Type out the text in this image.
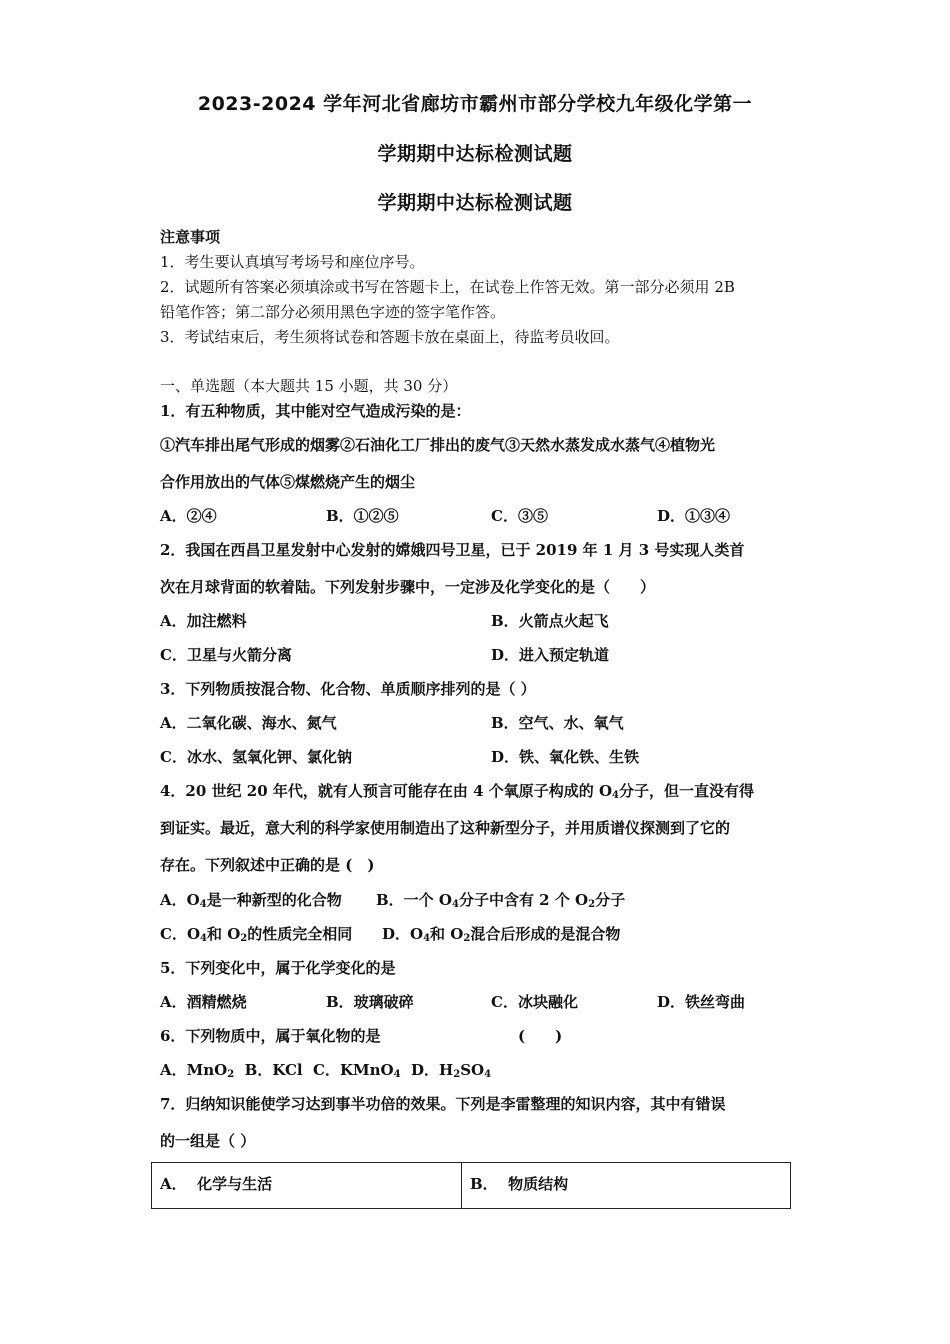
2023-2024 学年河北省廊坊市霸州市部分学校九年级化学第一
学期期中达标检测试题
学期期中达标检测试题
注意事项
1．考生要认真填写考场号和座位序号。
2．试题所有答案必须填涂或书写在答题卡上，在试卷上作答无效。第一部分必须用 2B
铅笔作答；第二部分必须用黑色字迹的签字笔作答。
3．考试结束后，考生须将试卷和答题卡放在桌面上，待监考员收回。
一、单选题（本大题共 15 小题，共 30 分）
1．有五种物质，其中能对空气造成污染的是：
①汽车排出尾气形成的烟雾②石油化工厂排出的废气③天然水蒸发成水蒸气④植物光
合作用放出的气体⑤煤燃烧产生的烟尘
A．②④	B．①②⑤	C．③⑤	D．①③④
2．我国在西昌卫星发射中心发射的嫦娥四号卫星，已于 2019 年 1 月 3 号实现人类首
次在月球背面的软着陆。下列发射步骤中，一定涉及化学变化的是（　　）
A．加注燃料	B．火箭点火起飞
C．卫星与火箭分离	D．进入预定轨道
3．下列物质按混合物、化合物、单质顺序排列的是（ ）
A．二氧化碳、海水、氮气	B．空气、水、氧气
C．冰水、氢氧化钾、氯化钠	D．铁、氧化铁、生铁
4．20 世纪 20 年代，就有人预言可能存在由 4 个氧原子构成的 $O_4$分子，但一直没有得
到证实。最近，意大利的科学家使用制造出了这种新型分子，并用质谱仪探测到了它的
存在。下列叙述中正确的是 (　)
A．$O_4$是一种新型的化合物 B．一个 $O_4$分子中含有 2 个 $O_2$分子
C．$O_4$和 $O_2$的性质完全相同 D．$O_4$和 $O_2$混合后形成的是混合物
5．下列变化中，属于化学变化的是
A．酒精燃烧	B．玻璃破碎	C．冰块融化	D．铁丝弯曲
6．下列物质中，属于氧化物的是	(　　)
A．MnO$_2$ B．KCl C．KMnO$_4$ D．$H_2SO_4$
7．归纳知识能使学习达到事半功倍的效果。下列是李雷整理的知识内容，其中有错误
的一组是（ ）
A． 化学与生活	B． 物质结构
